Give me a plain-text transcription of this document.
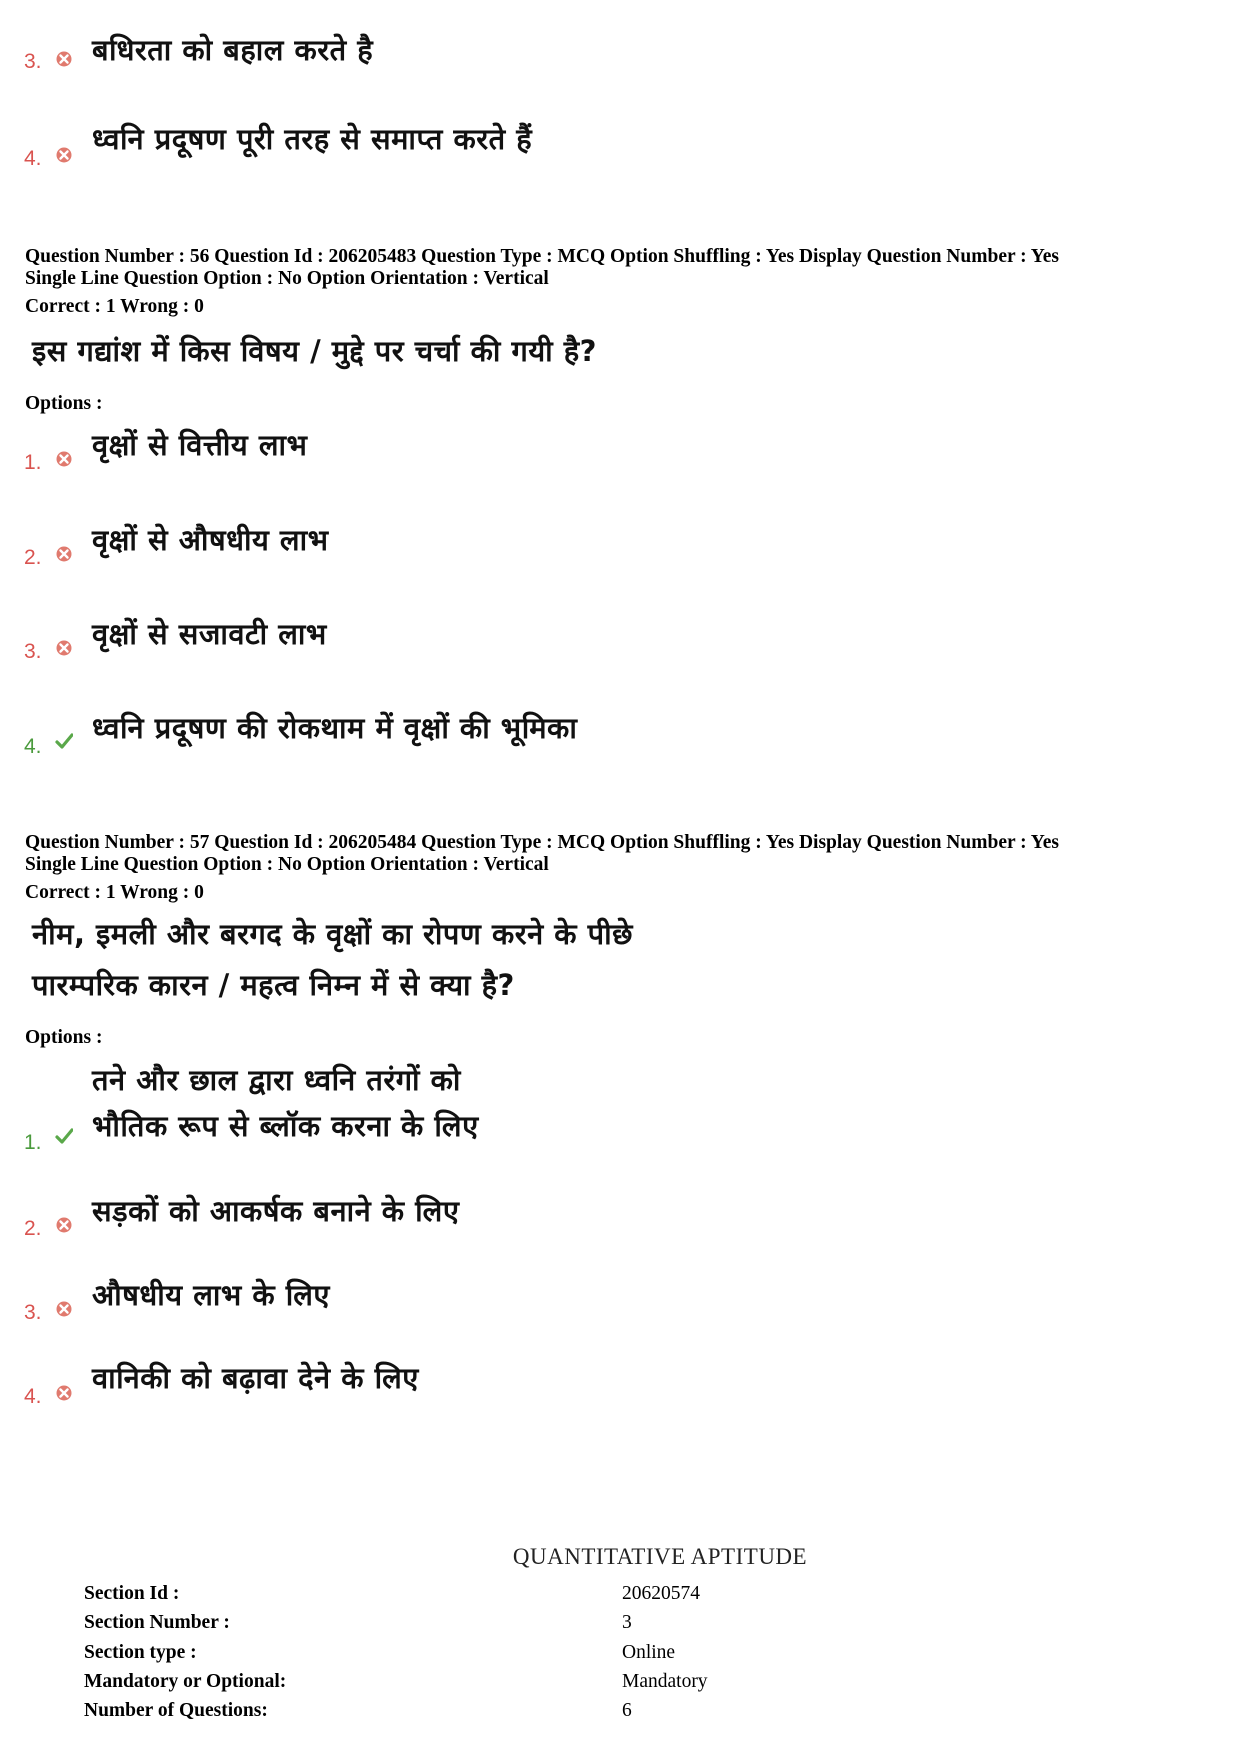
3. बधिरता को बहाल करते है
4.
ध्वनि प्रदूषण पूरी तरह से समाप्त करते हैं
Question Number : 56 Question Id : 206205483 Question Type : MCQ Option Shuffling : Yes Display Question Number : Yes
Single Line Question Option : No Option Orientation : Vertical
Correct : 1 Wrong : 0
इस गद्यांश में किस विषय / मुद्दे पर चर्चा की गयी है?
Options :
1.
वृक्षों से वित्तीय लाभ
2.
वृक्षों से औषधीय लाभ
3.
वृक्षों से सजावटी लाभ
4.
ध्वनि प्रदूषण की रोकथाम में वृक्षों की भूमिका
Question Number : 57 Question Id : 206205484 Question Type : MCQ Option Shuffling : Yes Display Question Number : Yes
Single Line Question Option : No Option Orientation : Vertical
Correct : 1 Wrong : 0
नीम, इमली और बरगद के वृक्षों का रोपण करने के पीछे
पारम्परिक कारन / महत्व निम्न में से क्या है?
Options :
तने और छाल द्वारा ध्वनि तरंगों को
1. भौतिक रूप से ब्लॉक करना के लिए
2.
सड़कों को आकर्षक बनाने के लिए
3.
औषधीय लाभ के लिए
4.
वानिकी को बढ़ावा देने के लिए
QUANTITATIVE APTITUDE
Section Id :	20620574
Section Number :	3
Section type :	Online
Mandatory or Optional:	Mandatory
Number of Questions:	6
